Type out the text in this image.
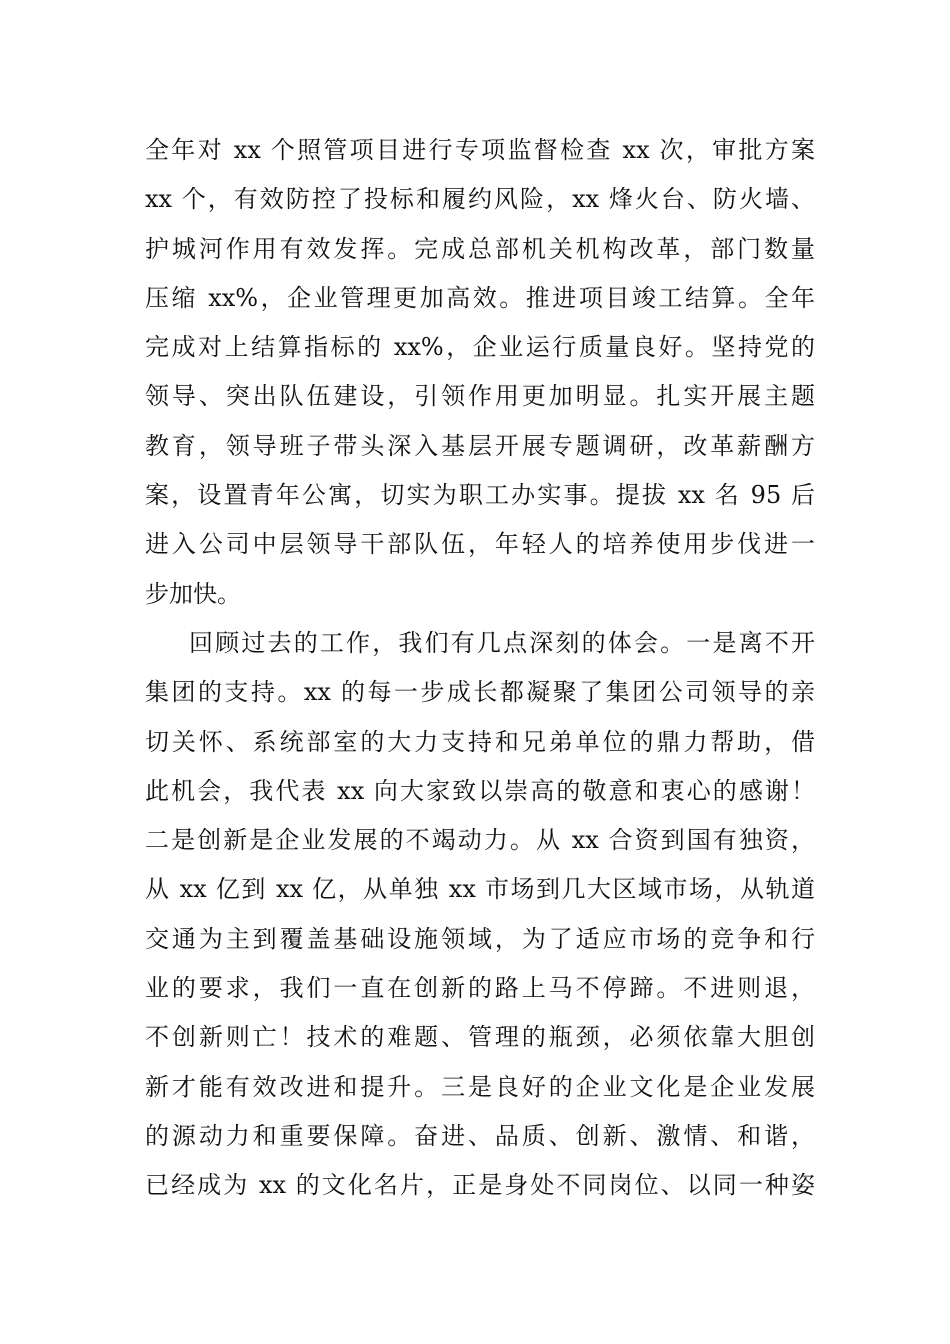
全年对 xx 个照管项目进行专项监督检查 xx 次，审批方案
xx 个，有效防控了投标和履约风险，xx 烽火台、防火墙、
护城河作用有效发挥。完成总部机关机构改革，部门数量
压缩 xx%，企业管理更加高效。推进项目竣工结算。全年
完成对上结算指标的 xx%，企业运行质量良好。坚持党的
领导、突出队伍建设，引领作用更加明显。扎实开展主题
教育，领导班子带头深入基层开展专题调研，改革薪酬方
案，设置青年公寓，切实为职工办实事。提拔 xx 名 95 后
进入公司中层领导干部队伍，年轻人的培养使用步伐进一
步加快。
回顾过去的工作，我们有几点深刻的体会。一是离不开
集团的支持。xx 的每一步成长都凝聚了集团公司领导的亲
切关怀、系统部室的大力支持和兄弟单位的鼎力帮助，借
此机会，我代表 xx 向大家致以崇高的敬意和衷心的感谢！
二是创新是企业发展的不竭动力。从 xx 合资到国有独资，
从 xx 亿到 xx 亿，从单独 xx 市场到几大区域市场，从轨道
交通为主到覆盖基础设施领域，为了适应市场的竞争和行
业的要求，我们一直在创新的路上马不停蹄。不进则退，
不创新则亡！技术的难题、管理的瓶颈，必须依靠大胆创
新才能有效改进和提升。三是良好的企业文化是企业发展
的源动力和重要保障。奋进、品质、创新、激情、和谐，
已经成为 xx 的文化名片，正是身处不同岗位、以同一种姿
